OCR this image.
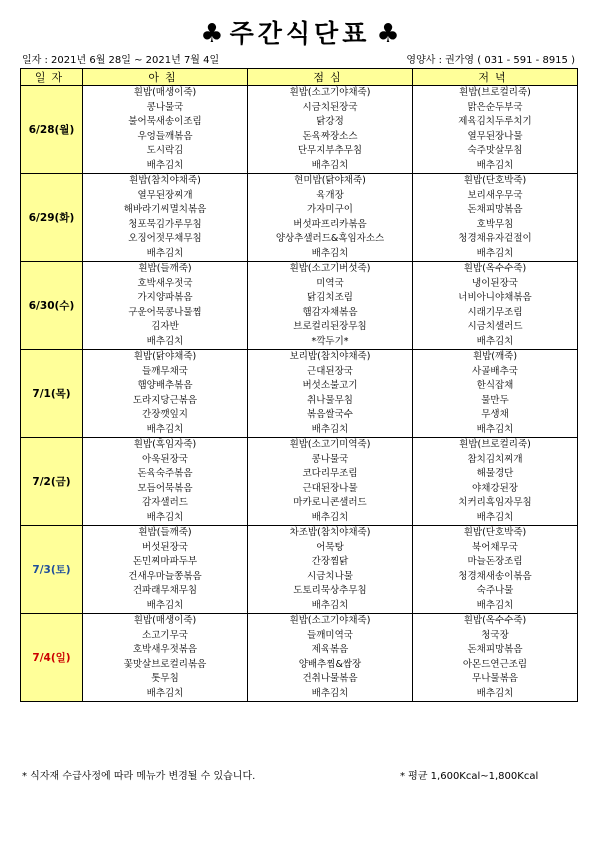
♣ 주간식단표 ♣
일자 : 2021년 6월 28일 ~ 2021년 7월 4일	영양사 : 권가영 ( 031 - 591 - 8915 )
일자	아침	점심	저녁
6/28(월)	흰밥(매생이죽)	흰밥(소고기야채죽)	흰밥(브로컬리죽)
	콩나물국	시금치된장국	맑은순두부국
	불어묵새송이조림	닭강정	제육김치두루치기
	우엉들깨볶음	돈육짜장소스	열무된장나물
	도시락김	단무지부추무침	숙주맛살무침
	배추김치	배추김치	배추김치
6/29(화)	흰밥(참치야채죽)	현미밥(닭야채죽)	흰밥(단호박죽)
	열무된장찌개	육개장	보리새우무국
	해바라기씨멸치볶음	가자미구이	돈채피망볶음
	청포묵김가루무침	버섯파프리카볶음	호박무침
	오징어젓무채무침	양상추샐러드&흑임자소스	청경채유자겉절이
	배추김치	배추김치	배추김치
6/30(수)	흰밥(들깨죽)	흰밥(소고기버섯죽)	흰밥(옥수수죽)
	호박새우젓국	미역국	냉이된장국
	가지양파볶음	닭김치조림	너비아니야채볶음
	구운어묵콩나물찜	햄감자채볶음	시래기무조림
	김자반	브로컬리된장무침	시금치샐러드
	배추김치	*깍두기*	배추김치
7/1(목)	흰밥(닭야채죽)	보리밥(참치야채죽)	흰밥(깨죽)
	들깨무채국	근대된장국	사골배추국
	햄양배추볶음	버섯소불고기	한식잡채
	도라지당근볶음	취나물무침	물만두
	간장깻잎지	볶음쌀국수	무생채
	배추김치	배추김치	배추김치
7/2(금)	흰밥(흑임자죽)	흰밥(소고기미역죽)	흰밥(브로컬리죽)
	아욱된장국	콩나물국	참치김치찌개
	돈육숙주볶음	코다리무조림	해물경단
	모듬어묵볶음	근대된장나물	야채강된장
	감자샐러드	마카로니콘샐러드	치커리흑임자무침
	배추김치	배추김치	배추김치
7/3(토)	흰밥(들깨죽)	차조밥(참치야채죽)	흰밥(단호박죽)
	버섯된장국	어묵탕	북어채무국
	돈민찌마파두부	간장찜닭	마늘돈장조림
	건새우마늘쫑볶음	시금치나물	청경채새송이볶음
	건파래무채무침	도토리묵상추무침	숙주나물
	배추김치	배추김치	배추김치
7/4(일)	흰밥(매생이죽)	흰밥(소고기야채죽)	흰밥(옥수수죽)
	소고기무국	들깨미역국	청국장
	호박새우젓볶음	제육볶음	돈채피망볶음
	꽃맛살브로컬리볶음	양배추찜&쌈장	아몬드연근조림
	톳무침	건취나물볶음	무나물볶음
	배추김치	배추김치	배추김치
* 식자재 수급사정에 따라 메뉴가 변경될 수 있습니다.	* 평균 1,600Kcal~1,800Kcal
